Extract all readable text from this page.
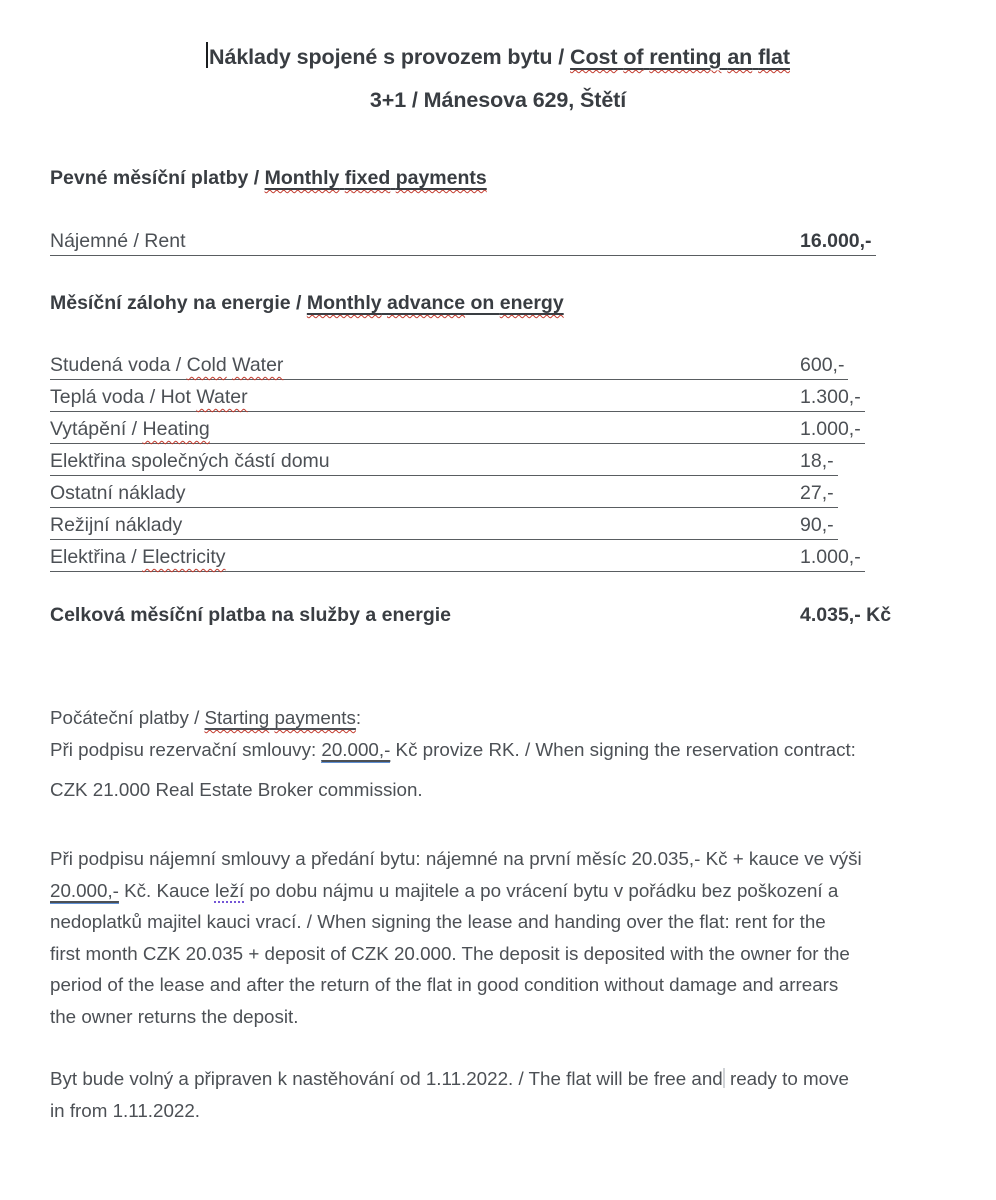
Náklady spojené s provozem bytu / Cost of renting an flat
3+1 / Mánesova 629, Štětí
Pevné měsíční platby / Monthly fixed payments
Nájemné / Rent	16.000,-
Měsíční zálohy na energie / Monthly advance on energy
Studená voda / Cold Water	600,-
Teplá voda / Hot Water	1.300,-
Vytápění / Heating	1.000,-
Elektřina společných částí domu	18,-
Ostatní náklady	27,-
Režijní náklady	90,-
Elektřina / Electricity	1.000,-
Celková měsíční platba na služby a energie	4.035,- Kč
Počáteční platby / Starting payments:
Při podpisu rezervační smlouvy: 20.000,- Kč provize RK. / When signing the reservation contract:
CZK 21.000 Real Estate Broker commission.
Při podpisu nájemní smlouvy a předání bytu: nájemné na první měsíc 20.035,- Kč + kauce ve výši
20.000,- Kč. Kauce leží po dobu nájmu u majitele a po vrácení bytu v pořádku bez poškození a
nedoplatků majitel kauci vrací. / When signing the lease and handing over the flat: rent for the
first month CZK 20.035 + deposit of CZK 20.000. The deposit is deposited with the owner for the
period of the lease and after the return of the flat in good condition without damage and arrears
the owner returns the deposit.
Byt bude volný a připraven k nastěhování od 1.11.2022. / The flat will be free and ready to move
in from 1.11.2022.
